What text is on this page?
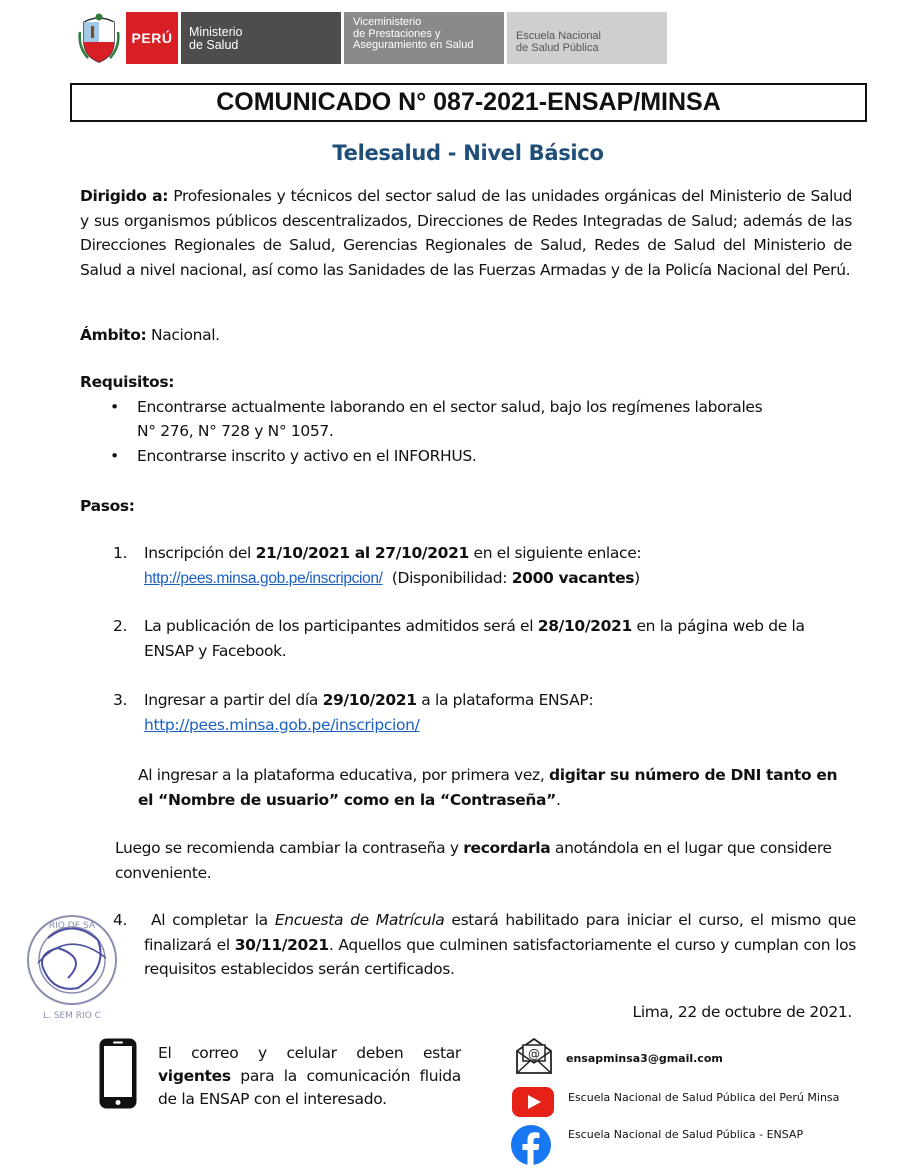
PERÚ	Ministerio
de Salud
Viceministerio
de Prestaciones y
Aseguramiento en Salud
Escuela Nacional
de Salud Pública
COMUNICADO N° 087-2021-ENSAP/MINSA
Telesalud - Nivel Básico
Dirigido a: Profesionales y técnicos del sector salud de las unidades orgánicas del Ministerio de Salud y sus organismos públicos descentralizados, Direcciones de Redes Integradas de Salud; además de las Direcciones Regionales de Salud, Gerencias Regionales de Salud, Redes de Salud del Ministerio de Salud a nivel nacional, así como las Sanidades de las Fuerzas Armadas y de la Policía Nacional del Perú.
Ámbito: Nacional.
Requisitos:
• Encontrarse actualmente laborando en el sector salud, bajo los regímenes laborales N° 276, N° 728 y N° 1057.
• Encontrarse inscrito y activo en el INFORHUS.
Pasos:
1. Inscripción del 21/10/2021 al 27/10/2021 en el siguiente enlace:
http://pees.minsa.gob.pe/inscripcion/  (Disponibilidad: 2000 vacantes)
2. La publicación de los participantes admitidos será el 28/10/2021 en la página web de la ENSAP y Facebook.
3. Ingresar a partir del día 29/10/2021 a la plataforma ENSAP:
http://pees.minsa.gob.pe/inscripcion/
Al ingresar a la plataforma educativa, por primera vez, digitar su número de DNI tanto en el “Nombre de usuario” como en la “Contraseña”.
Luego se recomienda cambiar la contraseña y recordarla anotándola en el lugar que considere conveniente.
4.	Al completar la Encuesta de Matrícula estará habilitado para iniciar el curso, el mismo que finalizará el 30/11/2021. Aquellos que culminen satisfactoriamente el curso y cumplan con los requisitos establecidos serán certificados.
RIO DE SA
L. SEM RIO C	Lima, 22 de octubre de 2021.
El correo y celular deben estar vigentes para la comunicación fluida de la ENSAP con el interesado.
@ ensapminsa3@gmail.com
Escuela Nacional de Salud Pública del Perú Minsa
Escuela Nacional de Salud Pública - ENSAP
